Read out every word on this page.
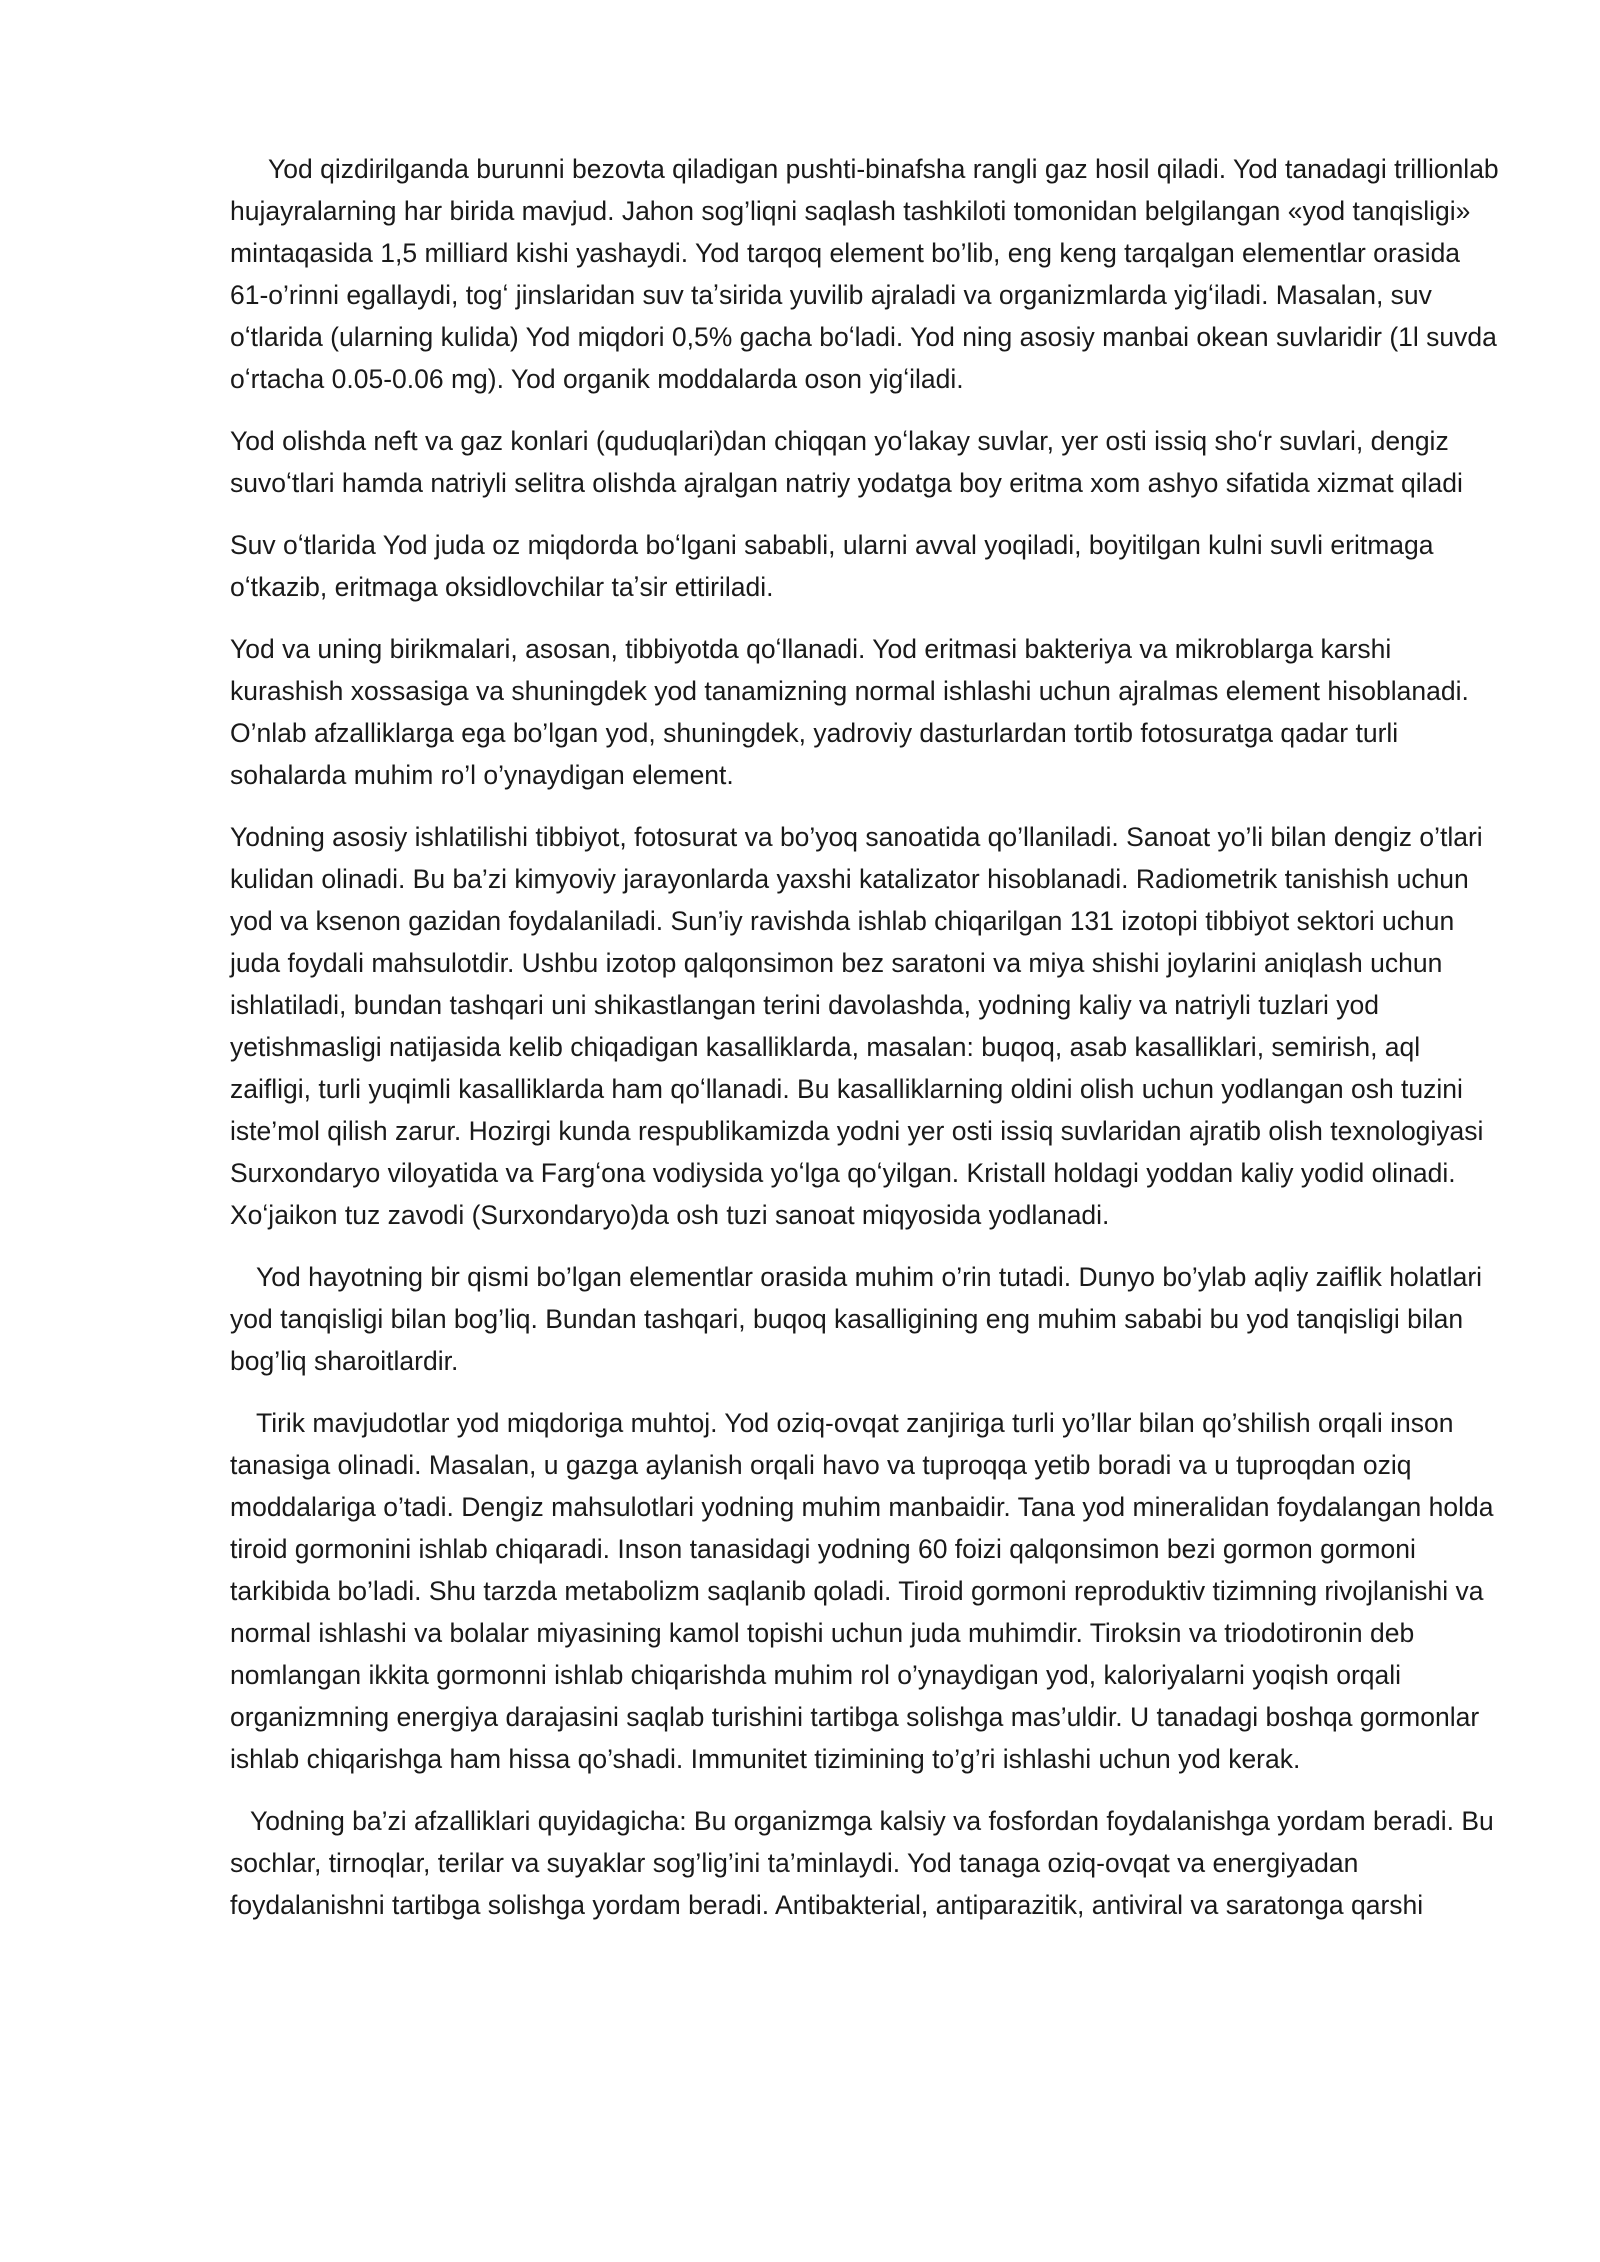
Yod qizdirilganda burunni bezovta qiladigan pushti-binafsha rangli gaz hosil qiladi. Yod tanadagi trillionlab hujayralarning har birida mavjud. Jahon sog’liqni saqlash tashkiloti tomonidan belgilangan «yod tanqisligi» mintaqasida 1,5 milliard kishi yashaydi. Yod tarqoq element bo’lib, eng keng tarqalgan elementlar orasida 61-o’rinni egallaydi, togʻ jinslaridan suv taʼsirida yuvilib ajraladi va organizmlarda yigʻiladi. Masalan, suv oʻtlarida (ularning kulida) Yod miqdori 0,5% gacha boʻladi. Yod ning asosiy manbai okean suvlaridir (1l suvda oʻrtacha 0.05-0.06 mg). Yod organik moddalarda oson yigʻiladi.

Yod olishda neft va gaz konlari (quduqlari)dan chiqqan yoʻlakay suvlar, yer osti issiq shoʻr suvlari, dengiz suvoʻtlari hamda natriyli selitra olishda ajralgan natriy yodatga boy eritma xom ashyo sifatida xizmat qiladi

Suv oʻtlarida Yod juda oz miqdorda boʻlgani sababli, ularni avval yoqiladi, boyitilgan kulni suvli eritmaga oʻtkazib, eritmaga oksidlovchilar taʼsir ettiriladi.

Yod va uning birikmalari, asosan, tibbiyotda qoʻllanadi. Yod eritmasi bakteriya va mikroblarga karshi kurashish xossasiga va shuningdek yod tanamizning normal ishlashi uchun ajralmas element hisoblanadi. O’nlab afzalliklarga ega bo’lgan yod, shuningdek, yadroviy dasturlardan tortib fotosuratga qadar turli sohalarda muhim ro’l o’ynaydigan element.

Yodning asosiy ishlatilishi tibbiyot, fotosurat va bo’yoq sanoatida qo’llaniladi. Sanoat yo’li bilan dengiz o’tlari kulidan olinadi. Bu ba’zi kimyoviy jarayonlarda yaxshi katalizator hisoblanadi. Radiometrik tanishish uchun yod va ksenon gazidan foydalaniladi. Sun’iy ravishda ishlab chiqarilgan 131 izotopi tibbiyot sektori uchun juda foydali mahsulotdir. Ushbu izotop qalqonsimon bez saratoni va miya shishi joylarini aniqlash uchun ishlatiladi, bundan tashqari uni shikastlangan terini davolashda, yodning kaliy va natriyli tuzlari yod yetishmasligi natijasida kelib chiqadigan kasalliklarda, masalan: buqoq, asab kasalliklari, semirish, aql zaifligi, turli yuqimli kasalliklarda ham qoʻllanadi. Bu kasalliklarning oldini olish uchun yodlangan osh tuzini iste’mol qilish zarur. Hozirgi kunda respublikamizda yodni yer osti issiq suvlaridan ajratib olish texnologiyasi Surxondaryo viloyatida va Fargʻona vodiysida yoʻlga qoʻyilgan. Kristall holdagi yoddan kaliy yodid olinadi. Xoʻjaikon tuz zavodi (Surxondaryo)da osh tuzi sanoat miqyosida yodlanadi.

Yod hayotning bir qismi bo’lgan elementlar orasida muhim o’rin tutadi. Dunyo bo’ylab aqliy zaiflik holatlari yod tanqisligi bilan bog’liq. Bundan tashqari, buqoq kasalligining eng muhim sababi bu yod tanqisligi bilan bog’liq sharoitlardir.

Tirik mavjudotlar yod miqdoriga muhtoj. Yod oziq-ovqat zanjiriga turli yo’llar bilan qo’shilish orqali inson tanasiga olinadi. Masalan, u gazga aylanish orqali havo va tuproqqa yetib boradi va u tuproqdan oziq moddalariga o’tadi. Dengiz mahsulotlari yodning muhim manbaidir. Tana yod mineralidan foydalangan holda tiroid gormonini ishlab chiqaradi. Inson tanasidagi yodning 60 foizi qalqonsimon bezi gormon gormoni tarkibida bo’ladi. Shu tarzda metabolizm saqlanib qoladi. Tiroid gormoni reproduktiv tizimning rivojlanishi va normal ishlashi va bolalar miyasining kamol topishi uchun juda muhimdir. Tiroksin va triodotironin deb nomlangan ikkita gormonni ishlab chiqarishda muhim rol o’ynaydigan yod, kaloriyalarni yoqish orqali organizmning energiya darajasini saqlab turishini tartibga solishga mas’uldir. U tanadagi boshqa gormonlar ishlab chiqarishga ham hissa qo’shadi. Immunitet tizimining to’g’ri ishlashi uchun yod kerak.

Yodning ba’zi afzalliklari quyidagicha: Bu organizmga kalsiy va fosfordan foydalanishga yordam beradi. Bu sochlar, tirnoqlar, terilar va suyaklar sog’lig’ini ta’minlaydi. Yod tanaga oziq-ovqat va energiyadan foydalanishni tartibga solishga yordam beradi. Antibakterial, antiparazitik, antiviral va saratonga qarshi
